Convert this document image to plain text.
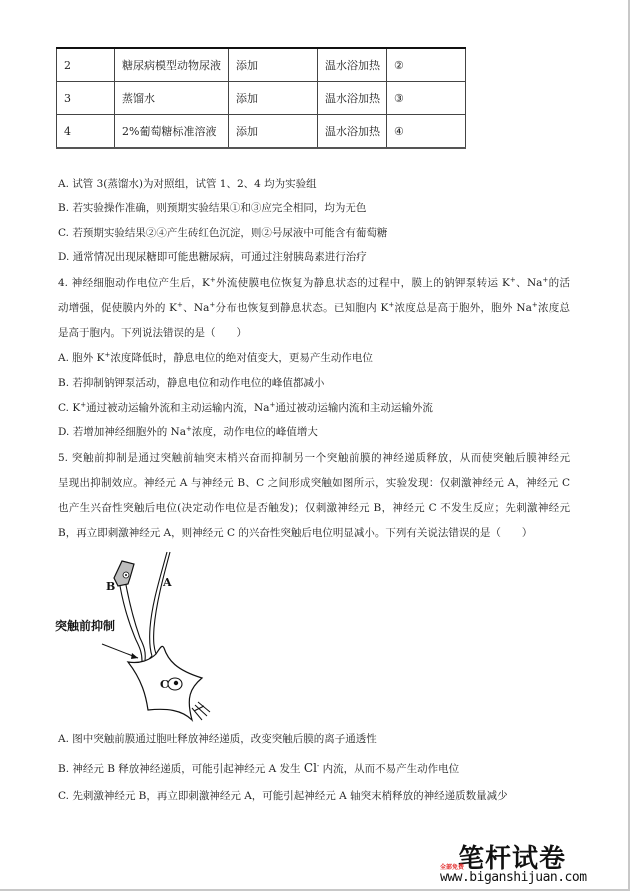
2	糖尿病模型动物尿液	添加	温水浴加热	②
3	蒸馏水	添加	温水浴加热	③
4	2%葡萄糖标准溶液	添加	温水浴加热	④
A. 试管 3(蒸馏水)为对照组，试管 1、2、4 均为实验组
B. 若实验操作准确，则预期实验结果①和③应完全相同，均为无色
C. 若预期实验结果②④产生砖红色沉淀，则②号尿液中可能含有葡萄糖
D. 通常情况出现尿糖即可能患糖尿病，可通过注射胰岛素进行治疗
4. 神经细胞动作电位产生后，K+外流使膜电位恢复为静息状态的过程中，膜上的钠钾泵转运 K+、Na+的活
动增强，促使膜内外的 K+、Na+分布也恢复到静息状态。已知胞内 K+浓度总是高于胞外，胞外 Na+浓度总
是高于胞内。下列说法错误的是（　　）
A. 胞外 K+浓度降低时，静息电位的绝对值变大，更易产生动作电位
B. 若抑制钠钾泵活动，静息电位和动作电位的峰值都减小
C. K+通过被动运输外流和主动运输内流，Na+通过被动运输内流和主动运输外流
D. 若增加神经细胞外的 Na+浓度，动作电位的峰值增大
5. 突触前抑制是通过突触前轴突末梢兴奋而抑制另一个突触前膜的神经递质释放，从而使突触后膜神经元
呈现出抑制效应。神经元 A 与神经元 B、C 之间形成突触如图所示，实验发现：仅刺激神经元 A，神经元 C
也产生兴奋性突触后电位(决定动作电位是否触发)；仅刺激神经元 B，神经元 C 不发生反应；先刺激神经元
B，再立即刺激神经元 A，则神经元 C 的兴奋性突触后电位明显减小。下列有关说法错误的是（　　）
B	A
C
突触前抑制
A. 图中突触前膜通过胞吐释放神经递质，改变突触后膜的离子通透性
B. 神经元 B 释放神经递质，可能引起神经元 A 发生 Cl- 内流，从而不易产生动作电位
C. 先刺激神经元 B，再立即刺激神经元 A，可能引起神经元 A 轴突末梢释放的神经递质数量减少
笔杆试卷
全部免费
www.biganshijuan.com
